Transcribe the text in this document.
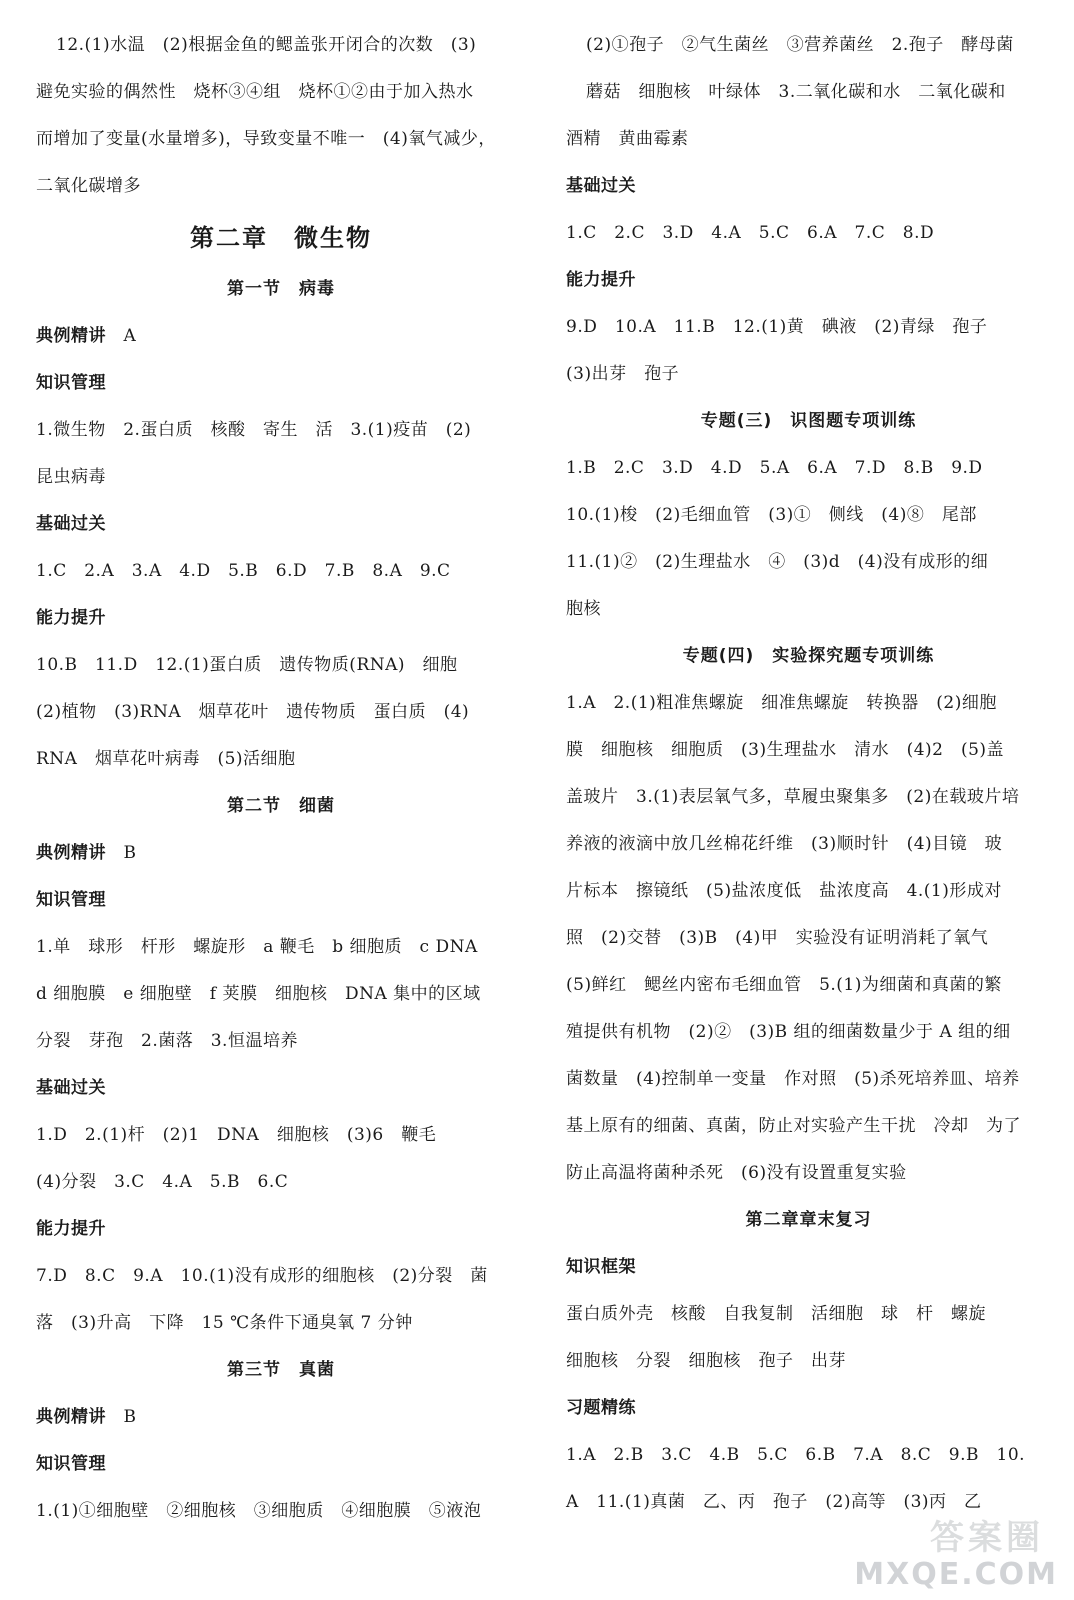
12.(1)水温　(2)根据金鱼的鳃盖张开闭合的次数　(3)
避免实验的偶然性　烧杯③④组　烧杯①②由于加入热水
而增加了变量(水量增多)，导致变量不唯一　(4)氧气减少，
二氧化碳增多
第二章　微生物
第一节　病毒
典例精讲　A
知识管理
1.微生物　2.蛋白质　核酸　寄生　活　3.(1)疫苗　(2)
昆虫病毒
基础过关
1.C　2.A　3.A　4.D　5.B　6.D　7.B　8.A　9.C
能力提升
10.B　11.D　12.(1)蛋白质　遗传物质(RNA)　细胞
(2)植物　(3)RNA　烟草花叶　遗传物质　蛋白质　(4)
RNA　烟草花叶病毒　(5)活细胞
第二节　细菌
典例精讲　B
知识管理
1.单　球形　杆形　螺旋形　a 鞭毛　b 细胞质　c DNA
d 细胞膜　e 细胞壁　f 荚膜　细胞核　DNA 集中的区域
分裂　芽孢　2.菌落　3.恒温培养
基础过关
1.D　2.(1)杆　(2)1　DNA　细胞核　(3)6　鞭毛
(4)分裂　3.C　4.A　5.B　6.C
能力提升
7.D　8.C　9.A　10.(1)没有成形的细胞核　(2)分裂　菌
落　(3)升高　下降　15 ℃条件下通臭氧 7 分钟
第三节　真菌
典例精讲　B
知识管理
1.(1)①细胞壁　②细胞核　③细胞质　④细胞膜　⑤液泡
(2)①孢子　②气生菌丝　③营养菌丝　2.孢子　酵母菌
蘑菇　细胞核　叶绿体　3.二氧化碳和水　二氧化碳和
酒精　黄曲霉素
基础过关
1.C　2.C　3.D　4.A　5.C　6.A　7.C　8.D
能力提升
9.D　10.A　11.B　12.(1)黄　碘液　(2)青绿　孢子
(3)出芽　孢子
专题(三)　识图题专项训练
1.B　2.C　3.D　4.D　5.A　6.A　7.D　8.B　9.D
10.(1)梭　(2)毛细血管　(3)①　侧线　(4)⑧　尾部
11.(1)②　(2)生理盐水　④　(3)d　(4)没有成形的细
胞核
专题(四)　实验探究题专项训练
1.A　2.(1)粗准焦螺旋　细准焦螺旋　转换器　(2)细胞
膜　细胞核　细胞质　(3)生理盐水　清水　(4)2　(5)盖
盖玻片　3.(1)表层氧气多，草履虫聚集多　(2)在载玻片培
养液的液滴中放几丝棉花纤维　(3)顺时针　(4)目镜　玻
片标本　擦镜纸　(5)盐浓度低　盐浓度高　4.(1)形成对
照　(2)交替　(3)B　(4)甲　实验没有证明消耗了氧气
(5)鲜红　鳃丝内密布毛细血管　5.(1)为细菌和真菌的繁
殖提供有机物　(2)②　(3)B 组的细菌数量少于 A 组的细
菌数量　(4)控制单一变量　作对照　(5)杀死培养皿、培养
基上原有的细菌、真菌，防止对实验产生干扰　冷却　为了
防止高温将菌种杀死　(6)没有设置重复实验
第二章章末复习
知识框架
蛋白质外壳　核酸　自我复制　活细胞　球　杆　螺旋
细胞核　分裂　细胞核　孢子　出芽
习题精练
1.A　2.B　3.C　4.B　5.C　6.B　7.A　8.C　9.B　10.
A　11.(1)真菌　乙、丙　孢子　(2)高等　(3)丙　乙
答案圈
MXQE.COM
